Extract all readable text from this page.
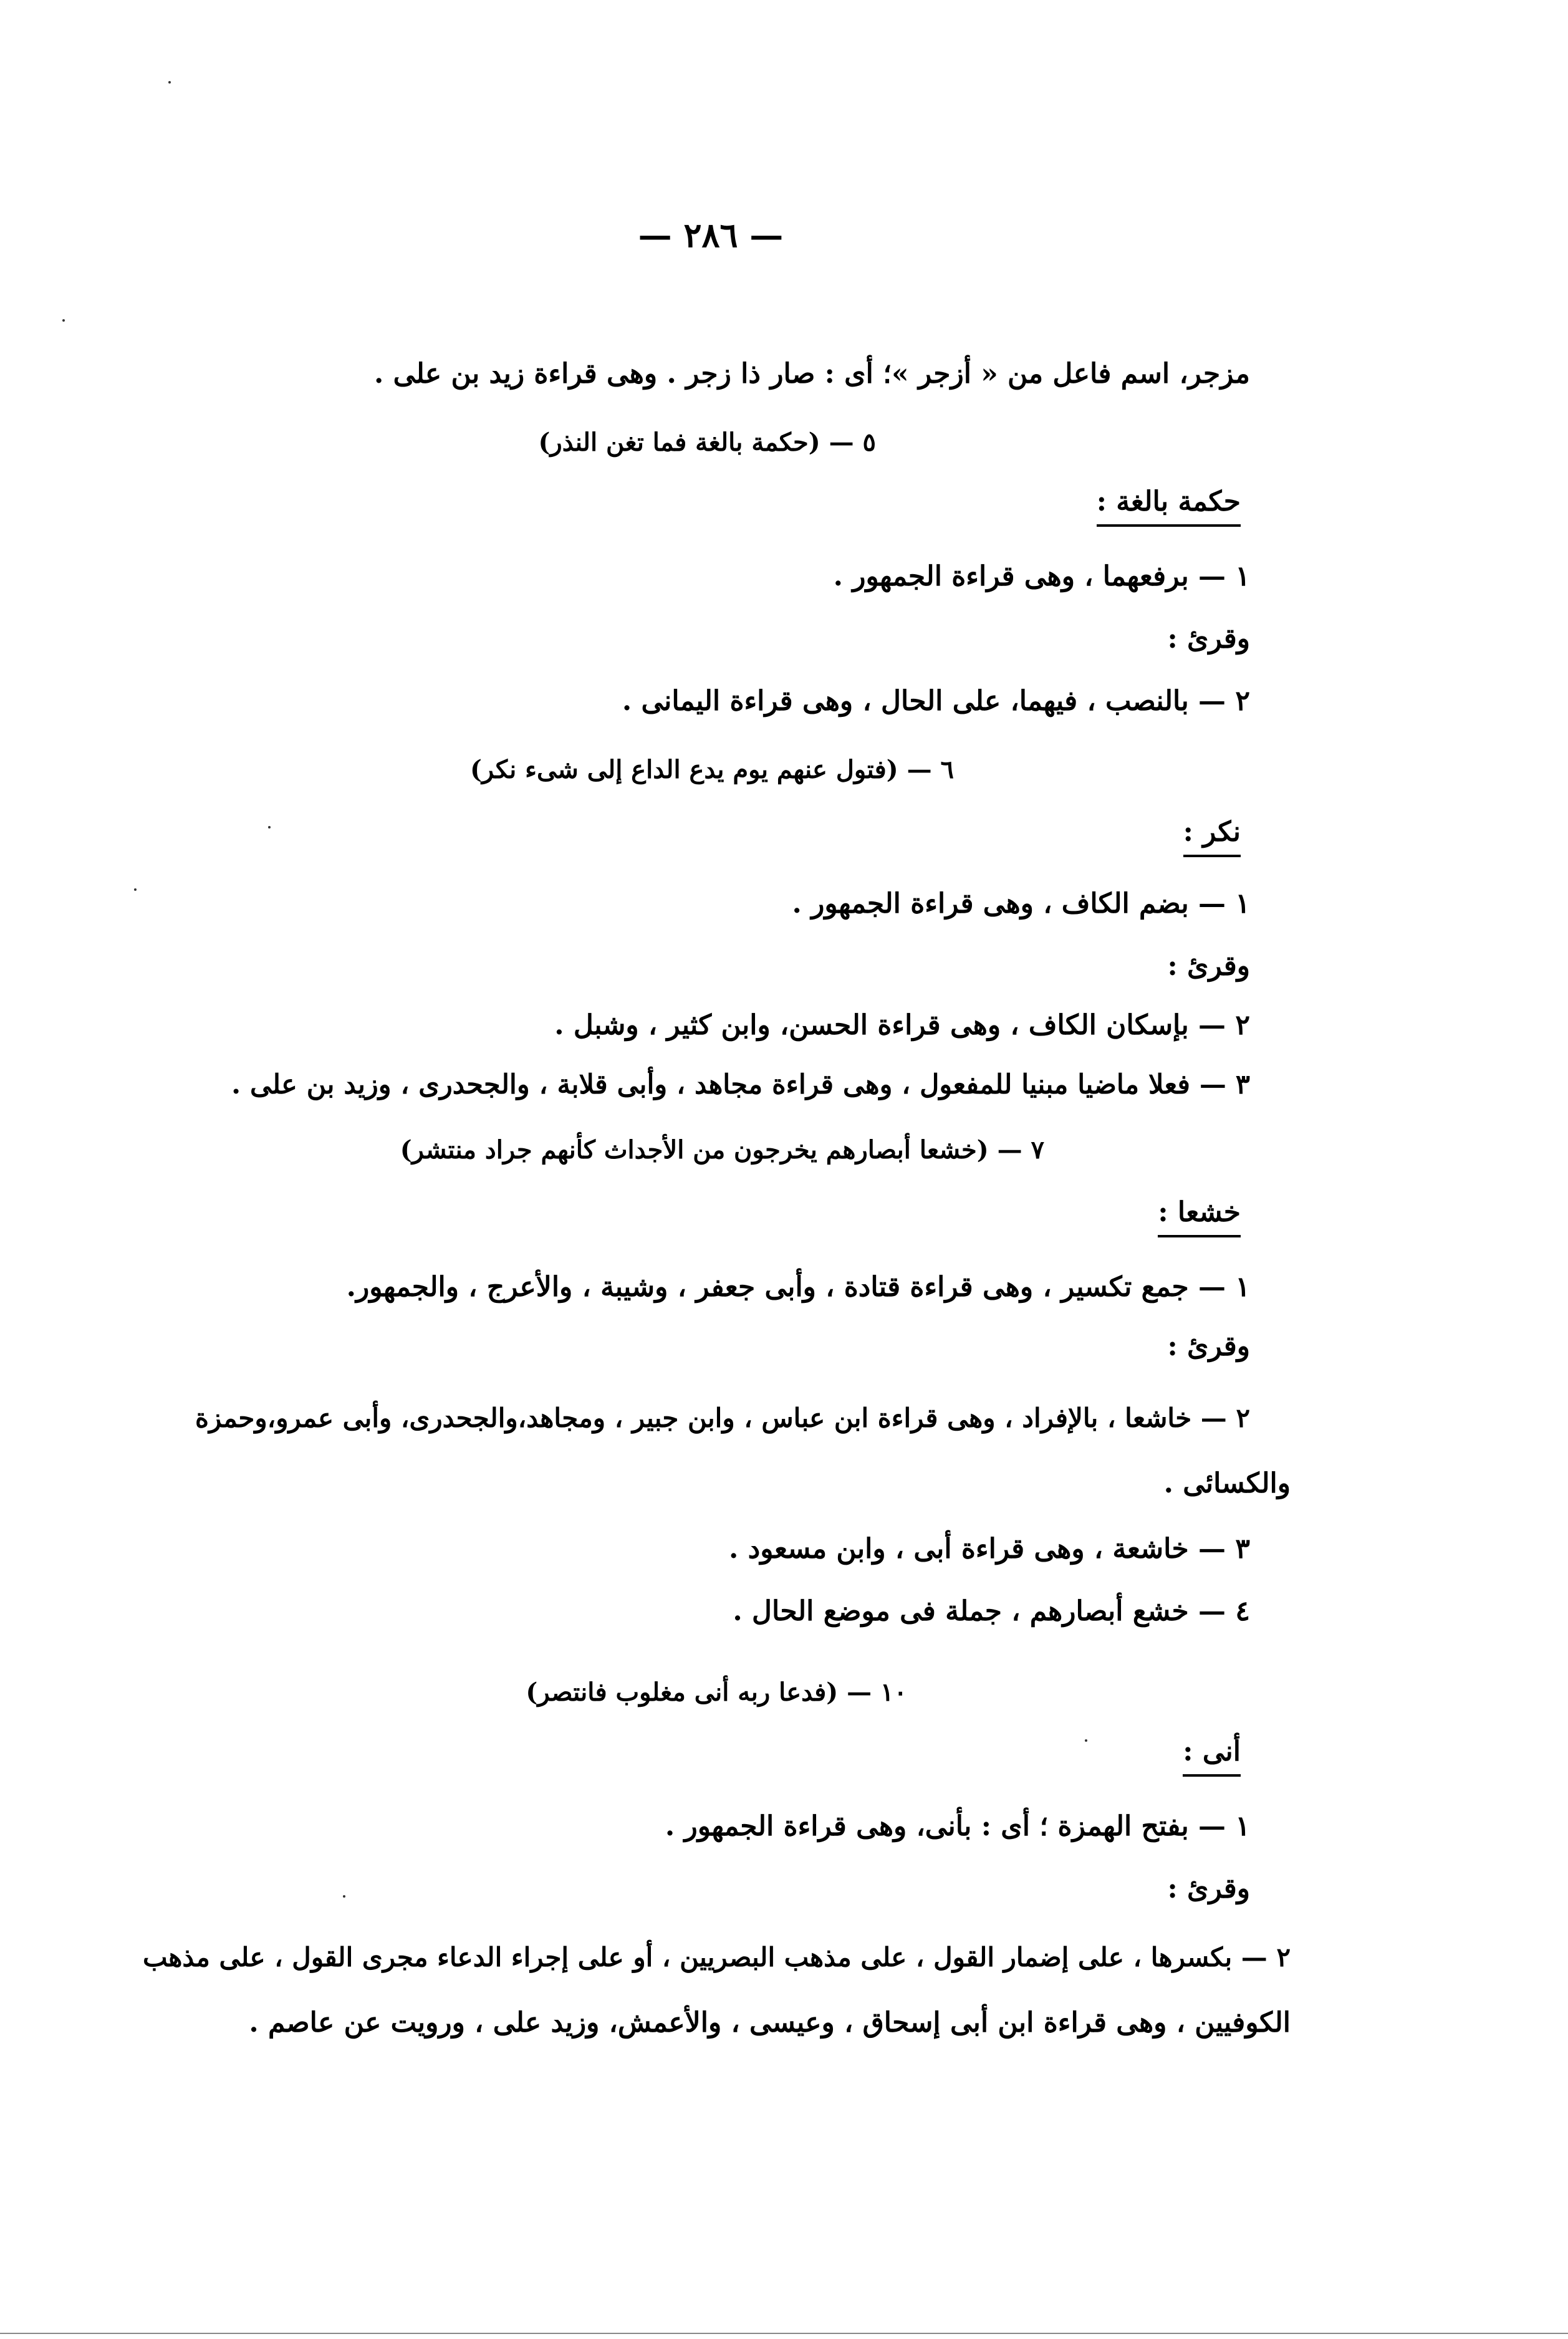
— ٢٨٦ —
مزجر، اسم فاعل من « أزجر »؛ أى : صار ذا زجر . وهى قراءة زيد بن على .
٥ — (حكمة بالغة فما تغن النذر)
حكمة بالغة :
١ — برفعهما ، وهى قراءة الجمهور .
وقرئ :
٢ — بالنصب ، فيهما، على الحال ، وهى قراءة اليمانى .
٦ — (فتول عنهم يوم يدع الداع إلى شىء نكر)
نكر :
١ — بضم الكاف ، وهى قراءة الجمهور .
وقرئ :
٢ — بإسكان الكاف ، وهى قراءة الحسن، وابن كثير ، وشبل .
٣ — فعلا ماضيا مبنيا للمفعول ، وهى قراءة مجاهد ، وأبى قلابة ، والجحدرى ، وزيد بن على .
٧ — (خشعا أبصارهم يخرجون من الأجداث كأنهم جراد منتشر)
خشعا :
١ — جمع تكسير ، وهى قراءة قتادة ، وأبى جعفر ، وشيبة ، والأعرج ، والجمهور.
وقرئ :
٢ — خاشعا ، بالإفراد ، وهى قراءة ابن عباس ، وابن جبير ، ومجاهد،والجحدرى، وأبى عمرو،وحمزة
والكسائى .
٣ — خاشعة ، وهى قراءة أبى ، وابن مسعود .
٤ — خشع أبصارهم ، جملة فى موضع الحال .
١٠ — (فدعا ربه أنى مغلوب فانتصر)
أنى :
١ — بفتح الهمزة ؛ أى : بأنى، وهى قراءة الجمهور .
وقرئ :
٢ — بكسرها ، على إضمار القول ، على مذهب البصريين ، أو على إجراء الدعاء مجرى القول ، على مذهب
الكوفيين ، وهى قراءة ابن أبى إسحاق ، وعيسى ، والأعمش، وزيد على ، ورويت عن عاصم .
